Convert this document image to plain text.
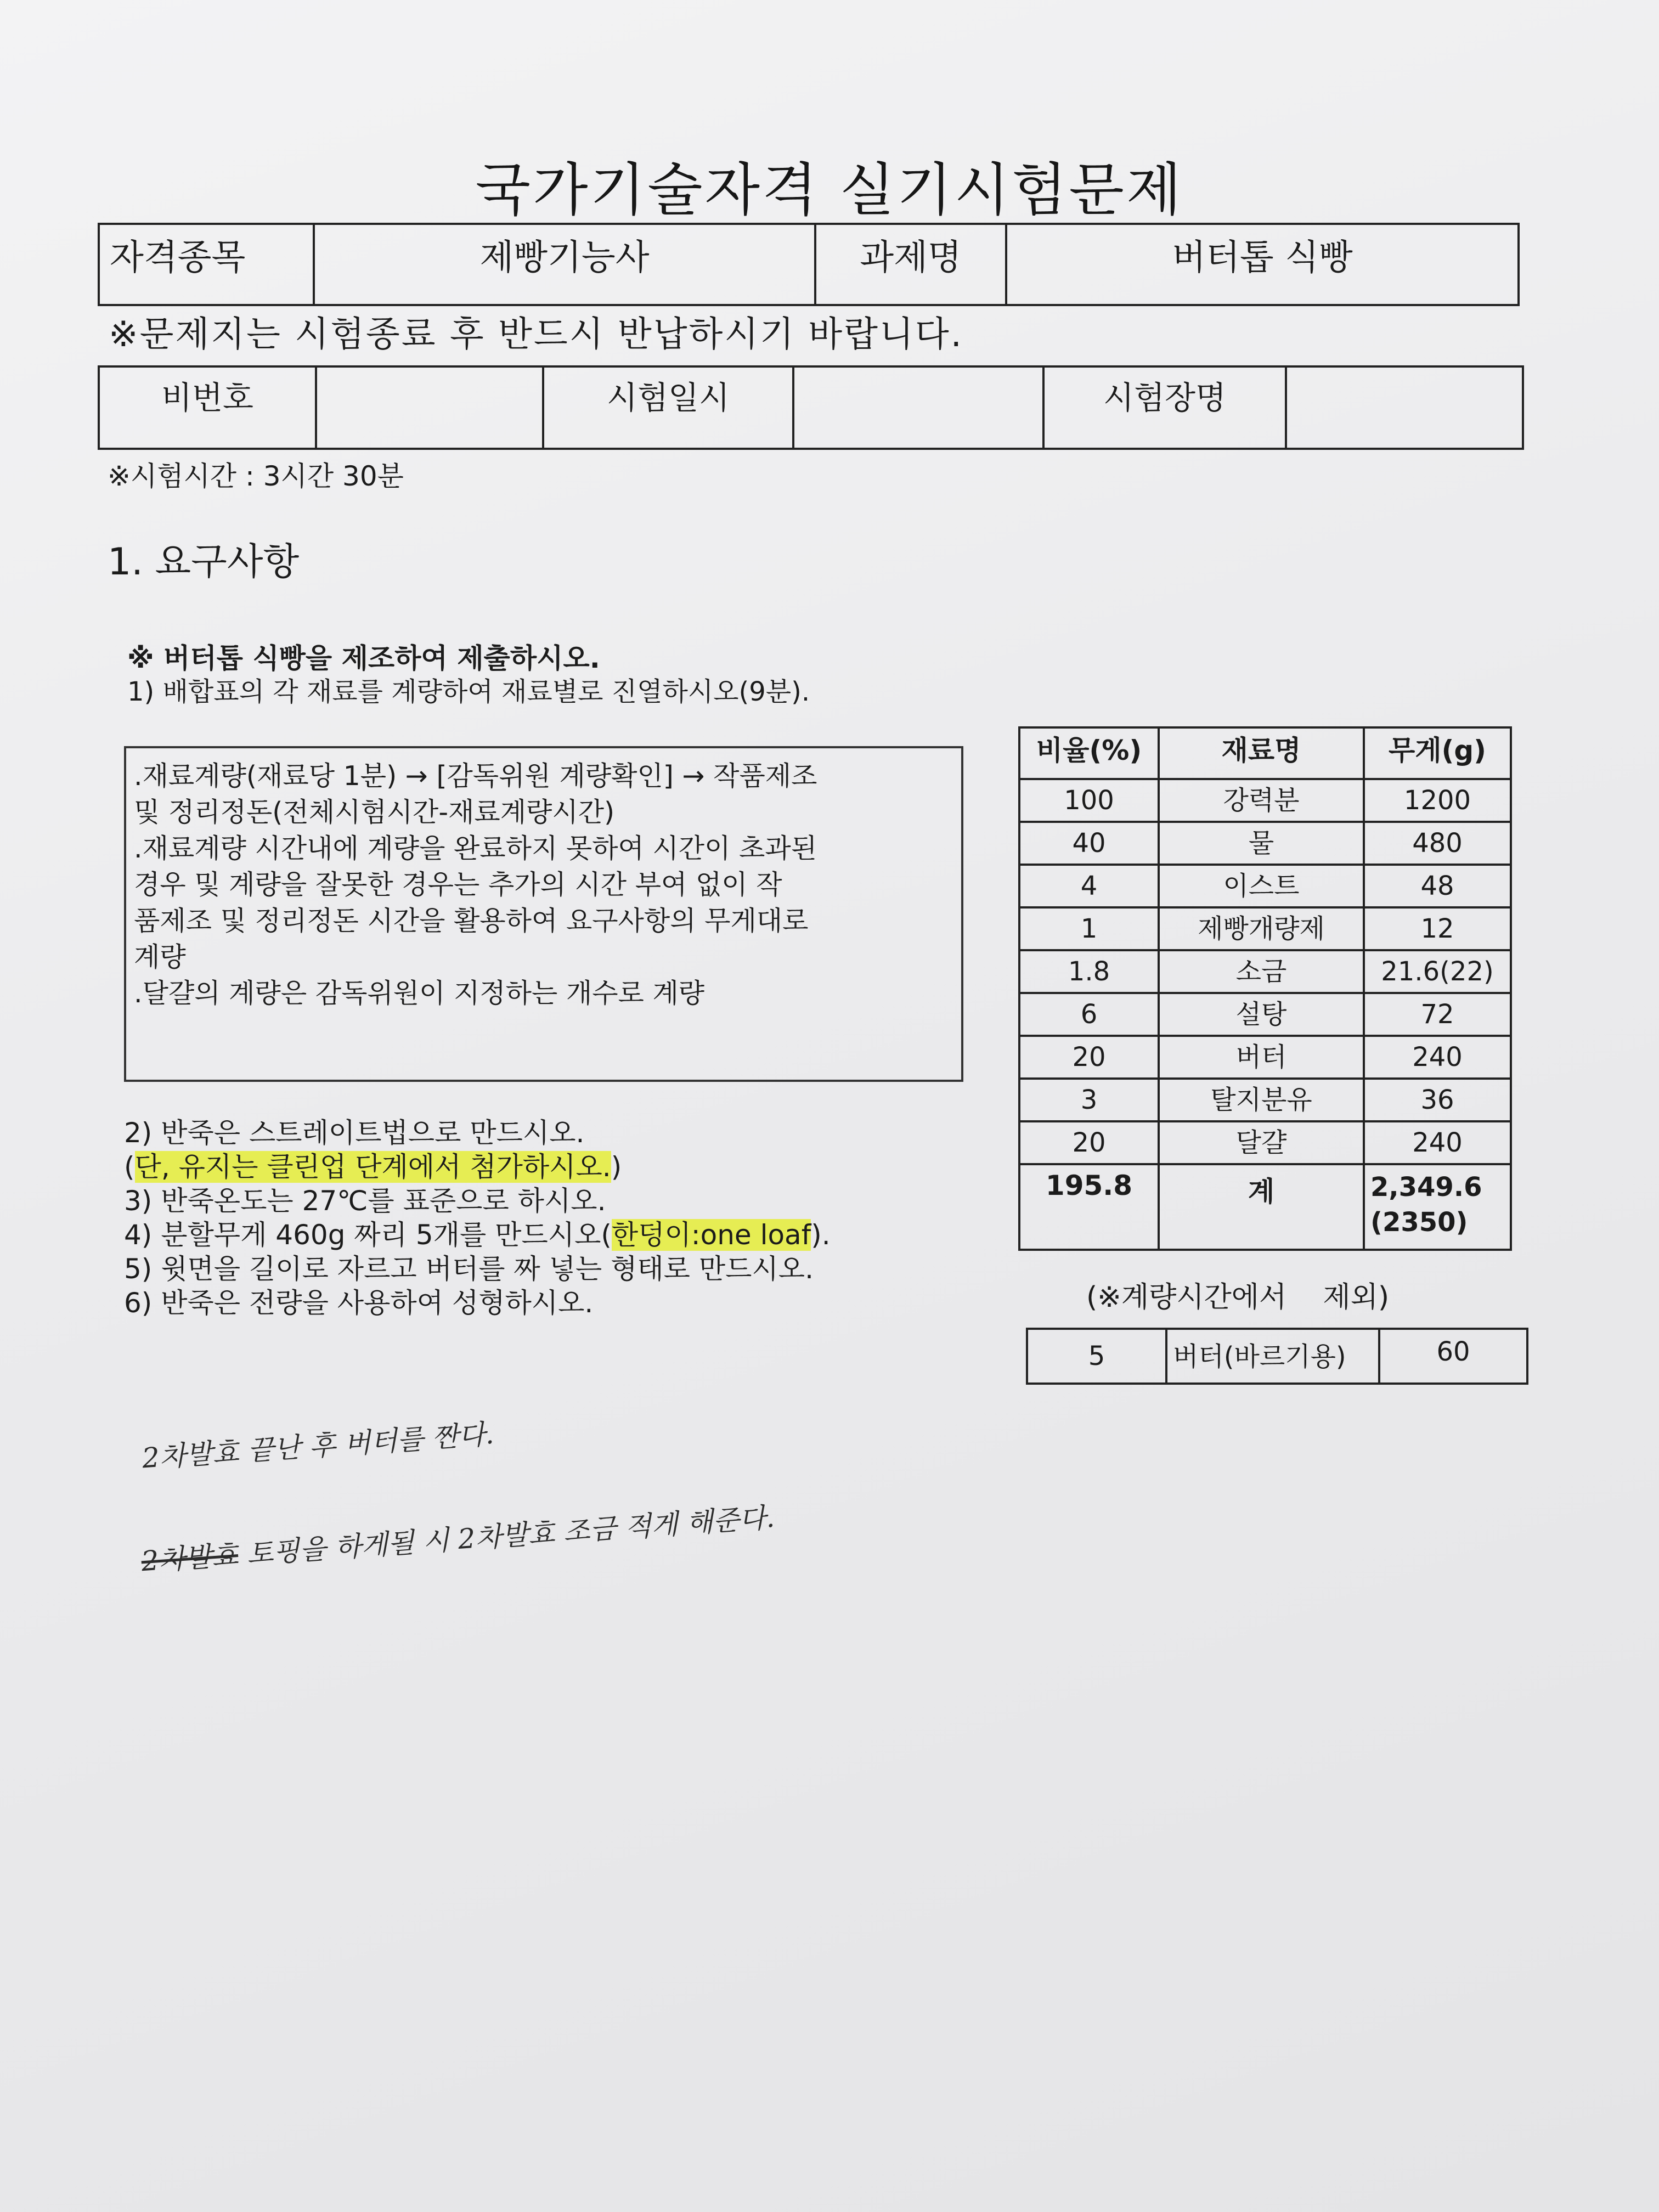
국가기술자격 실기시험문제
자격종목	제빵기능사	과제명	버터톱 식빵
※문제지는 시험종료 후 반드시 반납하시기 바랍니다.
비번호		시험일시		시험장명	
※시험시간 : 3시간 30분
1. 요구사항
※ 버터톱 식빵을 제조하여 제출하시오.
1) 배합표의 각 재료를 계량하여 재료별로 진열하시오(9분).

.재료계량(재료당 1분) → [감독위원 계량확인] → 작품제조

및 정리정돈(전체시험시간-재료계량시간)

.재료계량 시간내에 계량을 완료하지 못하여 시간이 초과된

경우 및 계량을 잘못한 경우는 추가의 시간 부여 없이 작

품제조 및 정리정돈 시간을 활용하여 요구사항의 무게대로

계량

.달걀의 계량은 감독위원이 지정하는 개수로 계량

2) 반죽은 스트레이트법으로 만드시오.

(단, 유지는 클린업 단계에서 첨가하시오.)

3) 반죽온도는 27℃를 표준으로 하시오.

4) 분할무게 460g 짜리 5개를 만드시오(한덩이:one loaf).

5) 윗면을 길이로 자르고 버터를 짜 넣는 형태로 만드시오.

6) 반죽은 전량을 사용하여 성형하시오.

비율(%)	재료명	무게(g)
100	강력분	1200
40	물	480
4	이스트	48
1	제빵개량제	12
1.8	소금	21.6(22)
6	설탕	72
20	버터	240
3	탈지분유	36
20	달걀	240
195.8	계	2,349.6
(2350)
(※계량시간에서    제외)
5	버터(바르기용)	60
2차발효 끝난 후 버터를 짠다.
2차발효 토핑을 하게될 시 2차발효 조금 적게 해준다.
